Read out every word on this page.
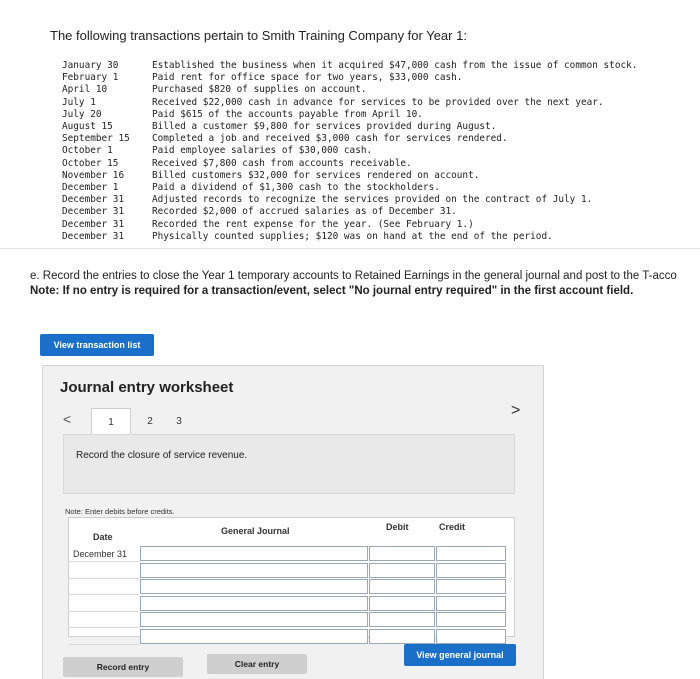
The following transactions pertain to Smith Training Company for Year 1:
January 30	Established the business when it acquired $47,000 cash from the issue of common stock.
February 1	Paid rent for office space for two years, $33,000 cash.
April 10	Purchased $820 of supplies on account.
July 1	Received $22,000 cash in advance for services to be provided over the next year.
July 20	Paid $615 of the accounts payable from April 10.
August 15	Billed a customer $9,800 for services provided during August.
September 15	Completed a job and received $3,000 cash for services rendered.
October 1	Paid employee salaries of $30,000 cash.
October 15	Received $7,800 cash from accounts receivable.
November 16	Billed customers $32,000 for services rendered on account.
December 1	Paid a dividend of $1,300 cash to the stockholders.
December 31	Adjusted records to recognize the services provided on the contract of July 1.
December 31	Recorded $2,000 of accrued salaries as of December 31.
December 31	Recorded the rent expense for the year. (See February 1.)
December 31	Physically counted supplies; $120 was on hand at the end of the period.
e. Record the entries to close the Year 1 temporary accounts to Retained Earnings in the general journal and post to the T-acco
Note: If no entry is required for a transaction/event, select "No journal entry required" in the first account field.
View transaction list
Journal entry worksheet
<	1	2	3
>
Record the closure of service revenue.
Note: Enter debits before credits.
Date
General Journal	Debit	Credit
December 31
Record entry	Clear entry
View general journal
